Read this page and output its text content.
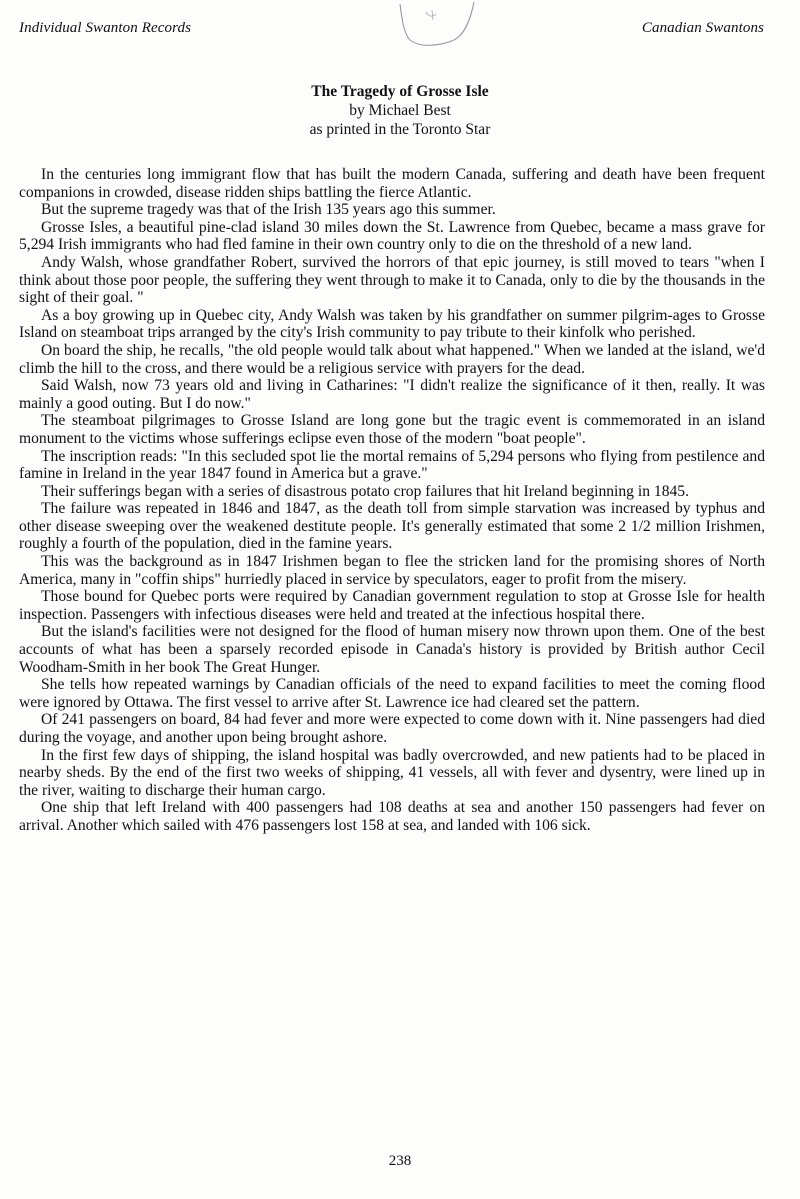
Individual Swanton Records	Canadian Swantons
The Tragedy of Grosse Isle
by Michael Best
as printed in the Toronto Star

In the centuries long immigrant flow that has built the modern Canada, suffering and death have been frequent companions in crowded, disease ridden ships battling the fierce Atlantic.

But the supreme tragedy was that of the Irish 135 years ago this summer.

Grosse Isles, a beautiful pine-clad island 30 miles down the St. Lawrence from Quebec, became a mass grave for 5,294 Irish immigrants who had fled famine in their own country only to die on the threshold of a new land.

Andy Walsh, whose grandfather Robert, survived the horrors of that epic journey, is still moved to tears "when I think about those poor people, the suffering they went through to make it to Canada, only to die by the thousands in the sight of their goal. "

As a boy growing up in Quebec city, Andy Walsh was taken by his grandfather on summer pilgrim-ages to Grosse Island on steamboat trips arranged by the city's Irish community to pay tribute to their kinfolk who perished.

On board the ship, he recalls, "the old people would talk about what happened." When we landed at the island, we'd climb the hill to the cross, and there would be a religious service with prayers for the dead.

Said Walsh, now 73 years old and living in Catharines: "I didn't realize the significance of it then, really. It was mainly a good outing. But I do now."

The steamboat pilgrimages to Grosse Island are long gone but the tragic event is commemorated in an island monument to the victims whose sufferings eclipse even those of the modern "boat people".

The inscription reads: "In this secluded spot lie the mortal remains of 5,294 persons who flying from pestilence and famine in Ireland in the year 1847 found in America but a grave."

Their sufferings began with a series of disastrous potato crop failures that hit Ireland beginning in 1845.

The failure was repeated in 1846 and 1847, as the death toll from simple starvation was increased by typhus and other disease sweeping over the weakened destitute people. It's generally estimated that some 2 1/2 million Irishmen, roughly a fourth of the population, died in the famine years.

This was the background as in 1847 Irishmen began to flee the stricken land for the promising shores of North America, many in "coffin ships" hurriedly placed in service by speculators, eager to profit from the misery.

Those bound for Quebec ports were required by Canadian government regulation to stop at Grosse Isle for health inspection. Passengers with infectious diseases were held and treated at the infectious hospital there.

But the island's facilities were not designed for the flood of human misery now thrown upon them. One of the best accounts of what has been a sparsely recorded episode in Canada's history is provided by British author Cecil Woodham-Smith in her book The Great Hunger.

She tells how repeated warnings by Canadian officials of the need to expand facilities to meet the coming flood were ignored by Ottawa. The first vessel to arrive after St. Lawrence ice had cleared set the pattern.

Of 241 passengers on board, 84 had fever and more were expected to come down with it. Nine passengers had died during the voyage, and another upon being brought ashore.

In the first few days of shipping, the island hospital was badly overcrowded, and new patients had to be placed in nearby sheds. By the end of the first two weeks of shipping, 41 vessels, all with fever and dysentry, were lined up in the river, waiting to discharge their human cargo.

One ship that left Ireland with 400 passengers had 108 deaths at sea and another 150 passengers had fever on arrival. Another which sailed with 476 passengers lost 158 at sea, and landed with 106 sick.

238
